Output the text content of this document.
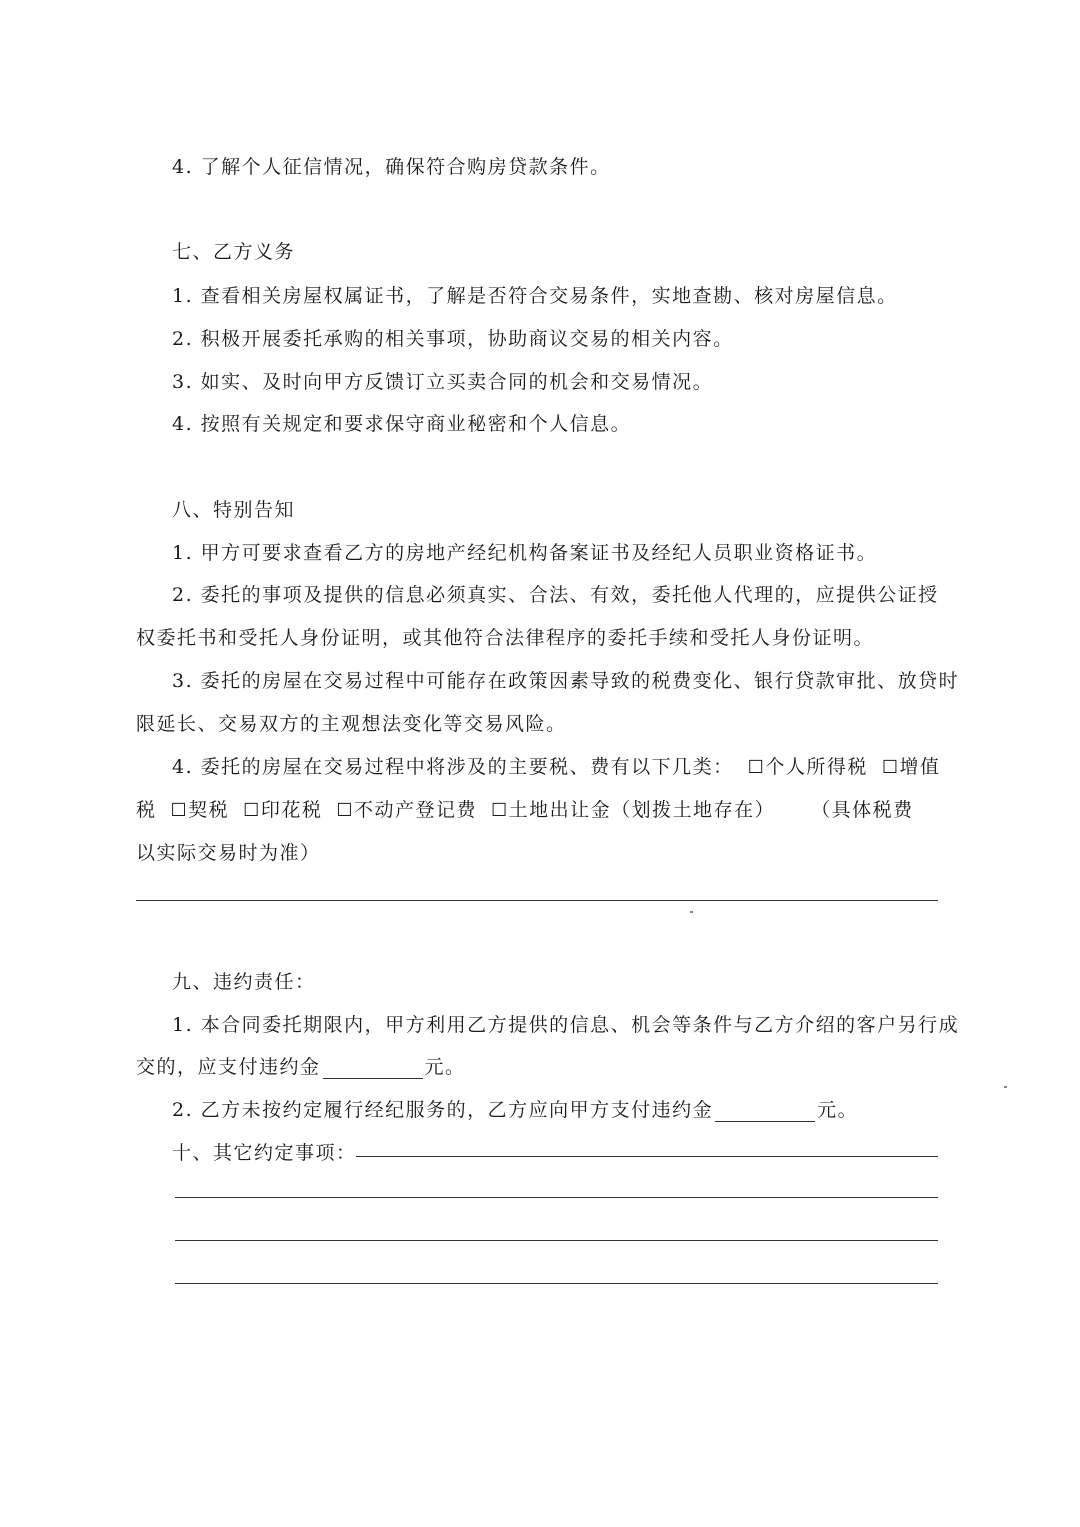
4. 了解个人征信情况，确保符合购房贷款条件。
七、乙方义务
1. 查看相关房屋权属证书，了解是否符合交易条件，实地查勘、核对房屋信息。
2. 积极开展委托承购的相关事项，协助商议交易的相关内容。
3. 如实、及时向甲方反馈订立买卖合同的机会和交易情况。
4. 按照有关规定和要求保守商业秘密和个人信息。
八、特别告知
1. 甲方可要求查看乙方的房地产经纪机构备案证书及经纪人员职业资格证书。
2. 委托的事项及提供的信息必须真实、合法、有效，委托他人代理的，应提供公证授
权委托书和受托人身份证明，或其他符合法律程序的委托手续和受托人身份证明。
3. 委托的房屋在交易过程中可能存在政策因素导致的税费变化、银行贷款审批、放贷时
限延长、交易双方的主观想法变化等交易风险。
4. 委托的房屋在交易过程中将涉及的主要税、费有以下几类： ☐个人所得税 ☐增值
税 ☐契税 ☐印花税 ☐不动产登记费 ☐土地出让金（划拨土地存在） （具体税费
以实际交易时为准）
九、违约责任：
1. 本合同委托期限内，甲方利用乙方提供的信息、机会等条件与乙方介绍的客户另行成
交的，应支付违约金	元。
2. 乙方未按约定履行经纪服务的，乙方应向甲方支付违约金	元。
十、其它约定事项：
